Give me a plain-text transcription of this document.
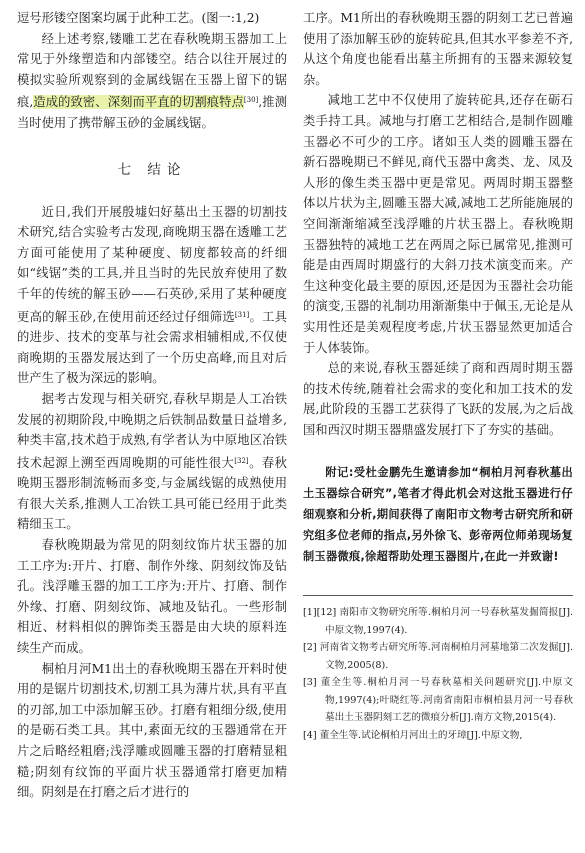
逗号形镂空图案均属于此种工艺。(图一:1,2)

经上述考察,镂雕工艺在春秋晚期玉器加工上常见于外缘塑造和内部镂空。结合以往开展过的模拟实验所观察到的金属线锯在玉器上留下的锯痕,造成的致密、深刻而平直的切割痕特点[30],推测当时使用了携带解玉砂的金属线锯。

七 结论

近日,我们开展殷墟妇好墓出土玉器的切割技术研究,结合实验考古发现,商晚期玉器在透雕工艺方面可能使用了某种硬度、韧度都较高的纤细如“线锯”类的工具,并且当时的先民放弃使用了数千年的传统的解玉砂——石英砂,采用了某种硬度更高的解玉砂,在使用前还经过仔细筛选[31]。工具的进步、技术的变革与社会需求相辅相成,不仅使商晚期的玉器发展达到了一个历史高峰,而且对后世产生了极为深远的影响。

据考古发现与相关研究,春秋早期是人工冶铁发展的初期阶段,中晚期之后铁制品数量日益增多,种类丰富,技术趋于成熟,有学者认为中原地区冶铁技术起源上溯至西周晚期的可能性很大[32]。春秋晚期玉器形制流畅而多变,与金属线锯的成熟使用有很大关系,推测人工冶铁工具可能已经用于此类精细玉工。

春秋晚期最为常见的阴刻纹饰片状玉器的加工工序为:开片、打磨、制作外缘、阴刻纹饰及钻孔。浅浮雕玉器的加工工序为:开片、打磨、制作外缘、打磨、阴刻纹饰、减地及钻孔。一些形制相近、材料相似的脾饰类玉器是由大块的原料连续生产而成。

桐柏月河M1出土的春秋晚期玉器在开料时使用的是锯片切割技术,切割工具为薄片状,具有平直的刃部,加工中添加解玉砂。打磨有粗细分级,使用的是砺石类工具。其中,素面无纹的玉器通常在开片之后略经粗磨;浅浮雕或圆雕玉器的打磨精显粗糙;阴刻有纹饰的平面片状玉器通常打磨更加精细。阴刻是在打磨之后才进行的

工序。M1所出的春秋晚期玉器的阴刻工艺已普遍使用了添加解玉砂的旋转砣具,但其水平参差不齐,从这个角度也能看出墓主所拥有的玉器来源较复杂。

减地工艺中不仅使用了旋转砣具,还存在砺石类手持工具。减地与打磨工艺相结合,是制作圆雕玉器必不可少的工序。诸如玉人类的圆雕玉器在新石器晚期已不鲜见,商代玉器中禽类、龙、凤及人形的像生类玉器中更是常见。两周时期玉器整体以片状为主,圆雕玉器大减,减地工艺所能施展的空间渐渐缩减至浅浮雕的片状玉器上。春秋晚期玉器独特的减地工艺在两周之际已属常见,推测可能是由西周时期盛行的大斜刀技术演变而来。产生这种变化最主要的原因,还是因为玉器社会功能的演变,玉器的礼制功用渐渐集中于佩玉,无论是从实用性还是美观程度考虑,片状玉器显然更加适合于人体装饰。

总的来说,春秋玉器延续了商和西周时期玉器的技术传统,随着社会需求的变化和加工技术的发展,此阶段的玉器工艺获得了飞跃的发展,为之后战国和西汉时期玉器鼎盛发展打下了夯实的基础。

附记:受杜金鹏先生邀请参加“桐柏月河春秋墓出土玉器综合研究”,笔者才得此机会对这批玉器进行仔细观察和分析,期间获得了南阳市文物考古研究所和研究组多位老师的指点,另外徐飞、彭帝两位师弟现场复制玉器微痕,徐超帮助处理玉器图片,在此一并致谢!

[1][12] 南阳市文物研究所等.桐柏月河一号春秋墓发掘简报[J].中原文物,1997(4).

[2] 河南省文物考古研究所等.河南桐柏月河墓地第二次发掘[J].文物,2005(8).

[3] 董全生等.桐柏月河一号春秋墓相关问题研究[J].中原文物,1997(4);叶晓红等.河南省南阳市桐柏县月河一号春秋墓出土玉器阴刻工艺的微痕分析[J].南方文物,2015(4).

[4] 董全生等.试论桐柏月河出土的牙璋[J].中原文物,
